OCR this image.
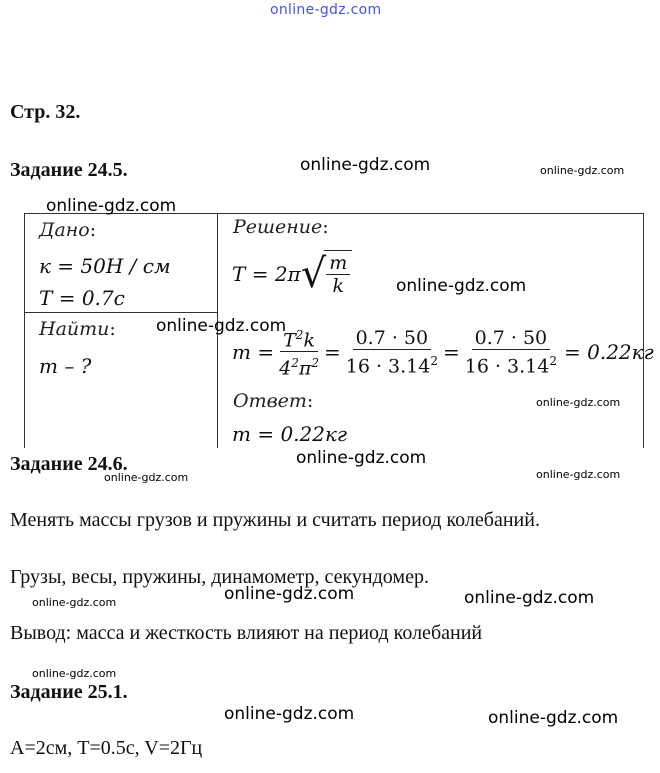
online-gdz.com
Стр. 32.
Задание 24.5.	online-gdz.com	online-gdz.com
Дано:
к = 50Н / см
T = 0.7c
Найти:
m – ?
Решение:
T = 2π √ $\frac{m}{k}$
$m = \frac{T^2k}{4^2\pi^2} = \frac{0.7 \cdot 50}{16 \cdot 3.14^2} = \frac{0.7 \cdot 50}{16 \cdot 3.14^2} = 0.22кг$
Ответ:
m = 0.22кг
online-gdz.com
online-gdz.com
online-gdz.com
online-gdz.com
Задание 24.6.	online-gdz.com
online-gdz.com	online-gdz.com
Менять массы грузов и пружины и считать период колебаний.
Грузы, весы, пружины, динамометр, секундомер.
online-gdz.com	online-gdz.com	online-gdz.com
Вывод: масса и жесткость влияют на период колебаний
online-gdz.com
Задание 25.1.
online-gdz.com	online-gdz.com
A=2см, T=0.5c, V=2Гц
